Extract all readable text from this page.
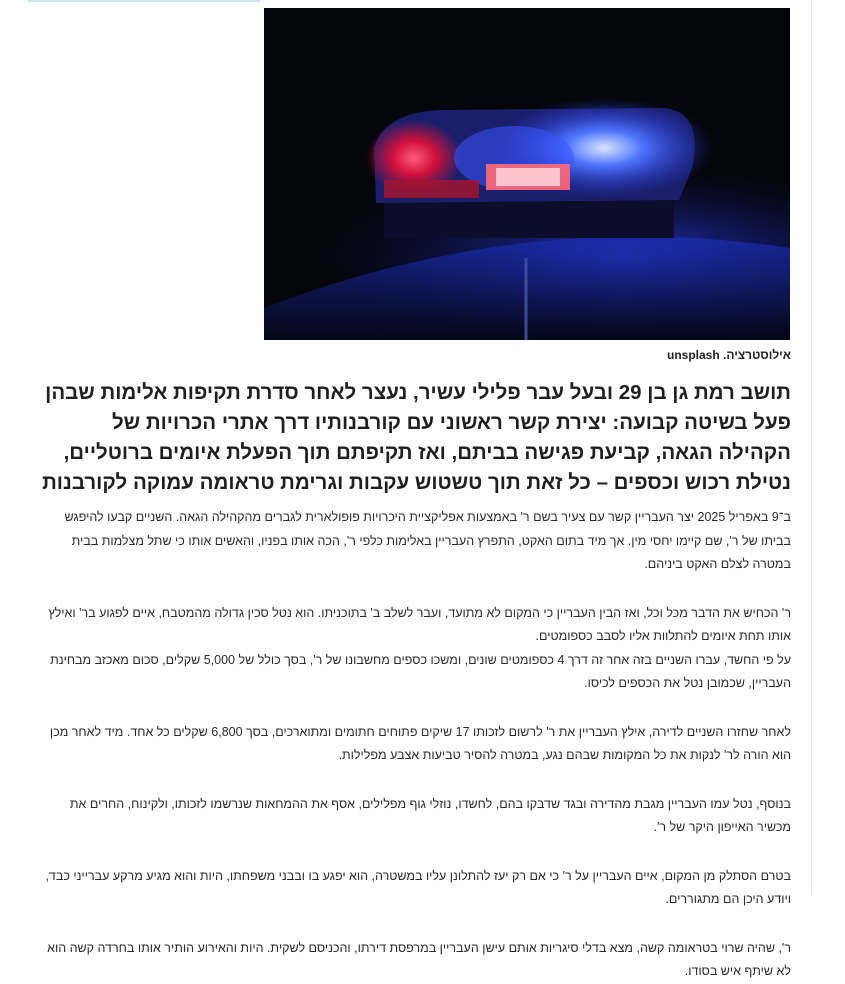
אילוסטרציה. unsplash
תושב רמת גן בן 29 ובעל עבר פלילי עשיר, נעצר לאחר סדרת תקיפות אלימות שבהן פעל בשיטה קבועה: יצירת קשר ראשוני עם קורבנותיו דרך אתרי הכרויות של הקהילה הגאה, קביעת פגישה בביתם, ואז תקיפתם תוך הפעלת איומים ברוטליים, נטילת רכוש וכספים – כל זאת תוך טשטוש עקבות וגרימת טראומה עמוקה לקורבנות

ב־9 באפריל 2025 יצר העבריין קשר עם צעיר בשם ר' באמצעות אפליקציית היכרויות פופולארית לגברים מהקהילה הגאה. השניים קבעו להיפגש בביתו של ר', שם קיימו יחסי מין. אך מיד בתום האקט, התפרץ העבריין באלימות כלפי ר', הכה אותו בפניו, והאשים אותו כי שתל מצלמות בבית במטרה לצלם האקט ביניהם.

ר' הכחיש את הדבר מכל וכל, ואז הבין העבריין כי המקום לא מתועד, ועבר לשלב ב' בתוכניתו. הוא נטל סכין גדולה מהמטבח, איים לפגוע בר' ואילץ אותו תחת איומים להתלוות אליו לסבב כספומטים.

על פי החשד, עברו השניים בזה אחר זה דרך 4 כספומטים שונים, ומשכו כספים מחשבונו של ר', בסך כולל של 5,000 שקלים, סכום מאכזב מבחינת העבריין, שכמובן נטל את הכספים לכיסו.

לאחר שחזרו השניים לדירה, אילץ העבריין את ר' לרשום לזכותו 17 שיקים פתוחים חתומים ומתוארכים, בסך 6,800 שקלים כל אחד. מיד לאחר מכן הוא הורה לר' לנקות את כל המקומות שבהם נגע, במטרה להסיר טביעות אצבע מפלילות.

בנוסף, נטל עמו העבריין מגבת מהדירה ובגד שדבקו בהם, לחשדו, נוזלי גוף מפלילים, אסף את ההמחאות שנרשמו לזכותו, ולקינוח, החרים את מכשיר האייפון היקר של ר'.

בטרם הסתלק מן המקום, איים העבריין על ר' כי אם רק יעז להתלונן עליו במשטרה, הוא יפגע בו ובבני משפחתו, היות והוא מגיע מרקע עברייני כבד, ויודע היכן הם מתגוררים.

ר', שהיה שרוי בטראומה קשה, מצא בדלי סיגריות אותם עישן העבריין במרפסת דירתו, והכניסם לשקית. היות והאירוע הותיר אותו בחרדה קשה הוא לא שיתף איש בסודו.
